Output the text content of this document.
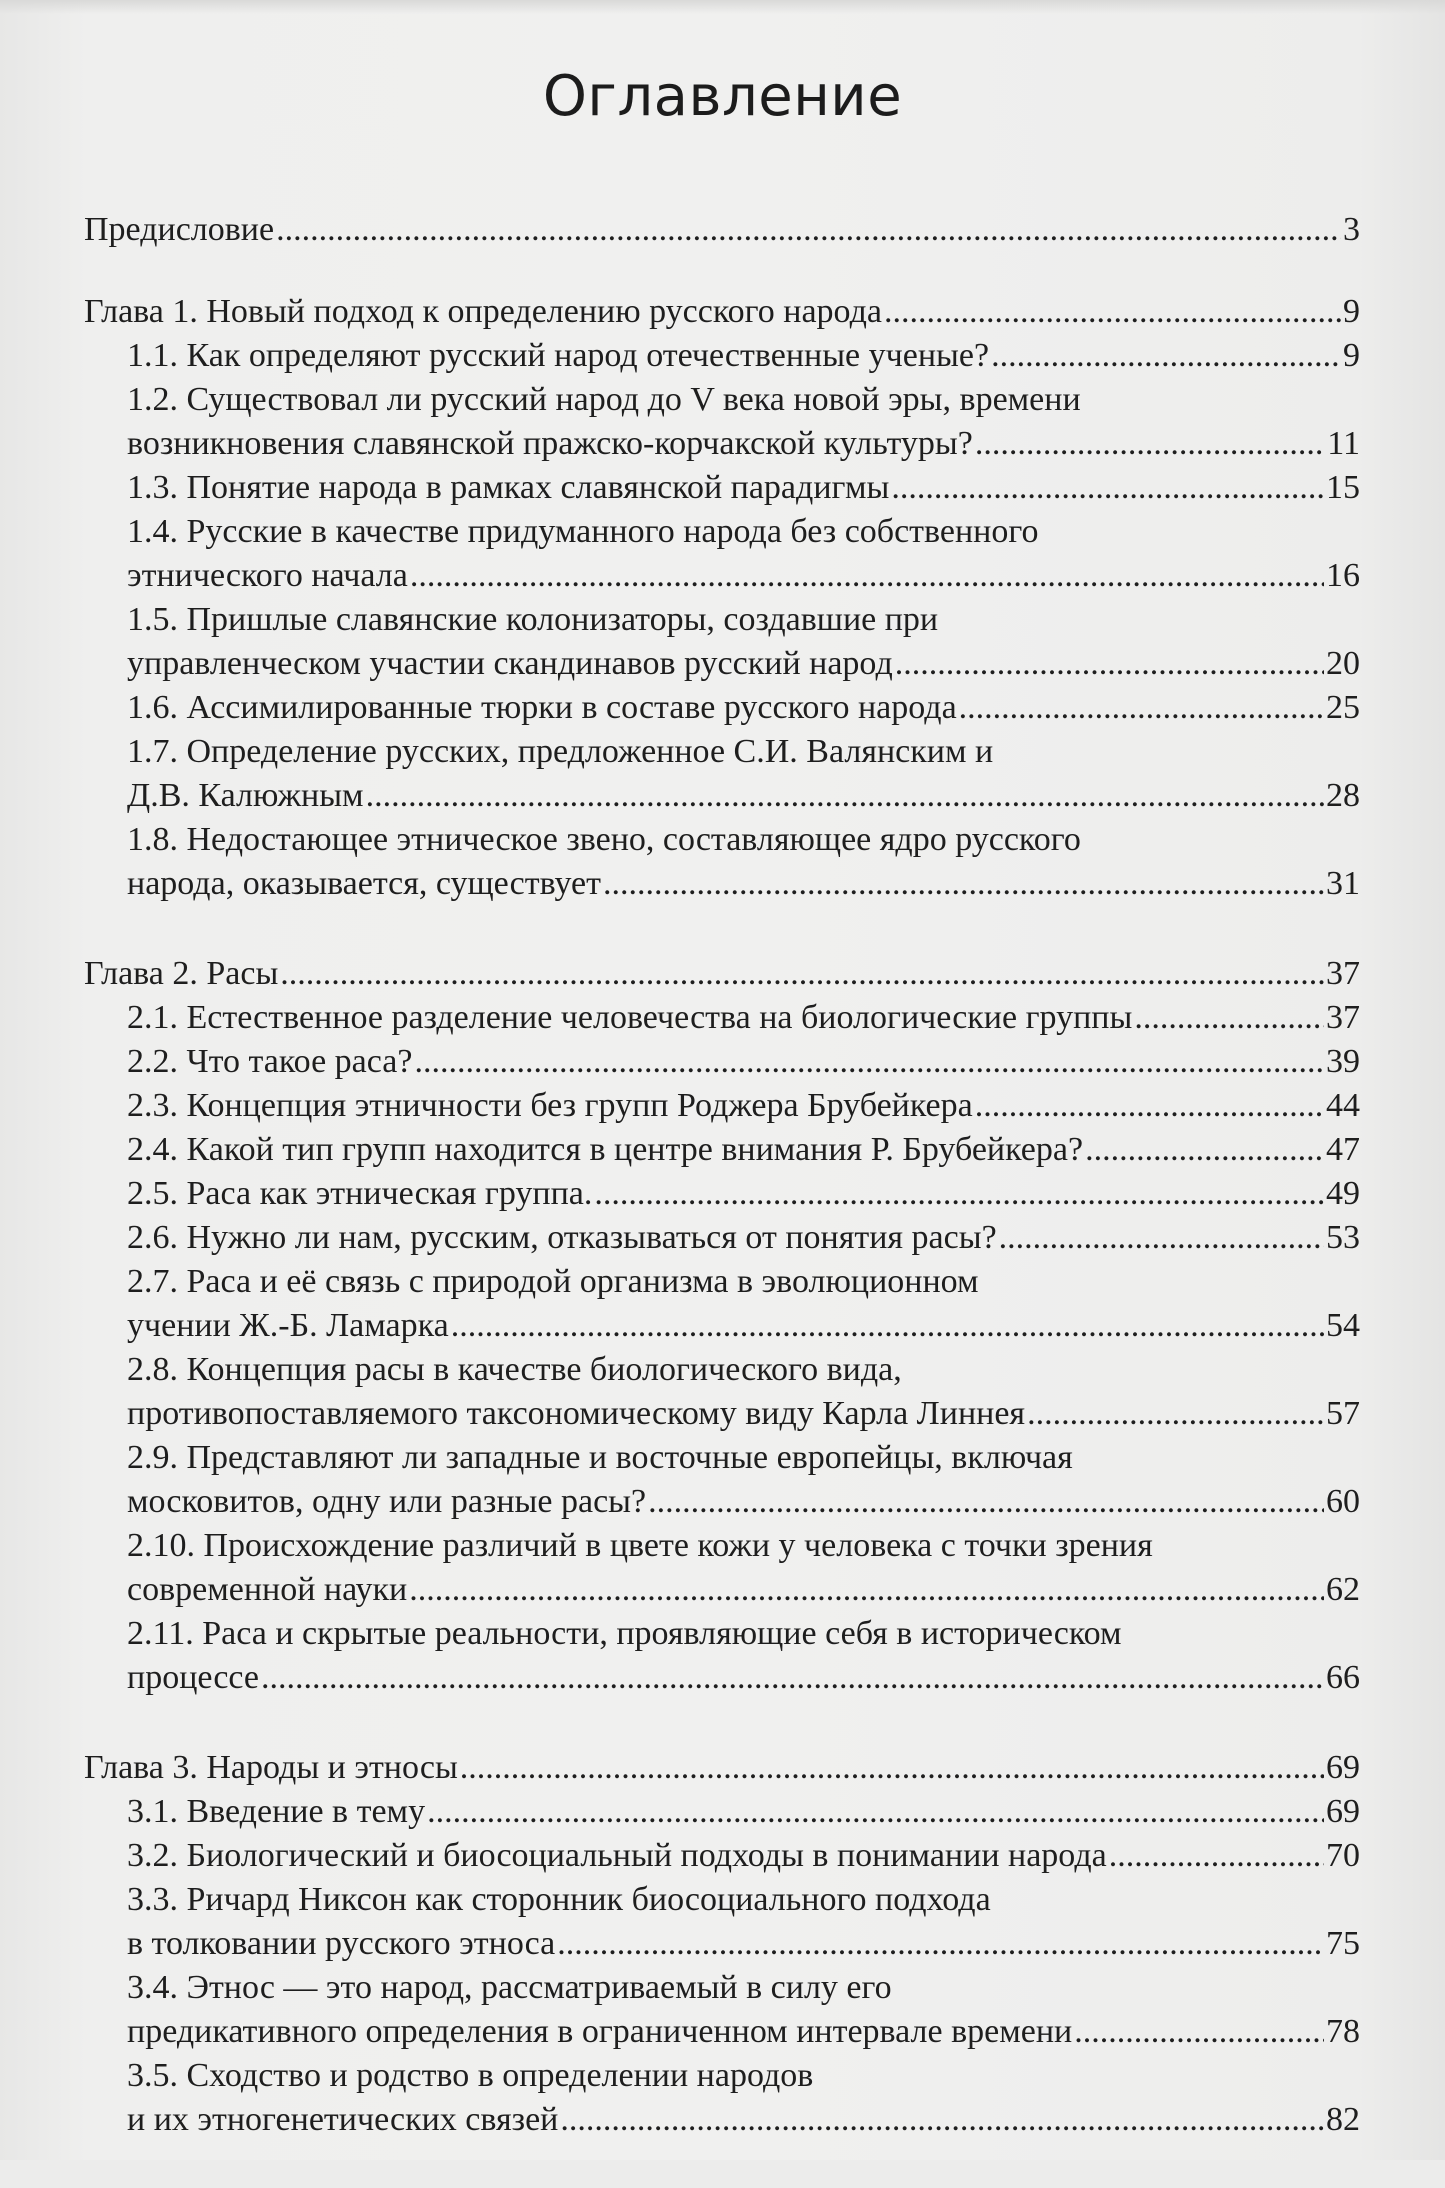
Оглавление
Предисловие .....	3
Глава 1. Новый подход к определению русского народа .....	9
1.1. Как определяют русский народ отечественные ученые? .....	9
1.2. Существовал ли русский народ до V века новой эры, времени
возникновения славянской пражско-корчакской культуры? .....	11
1.3. Понятие народа в рамках славянской парадигмы .....	15
1.4. Русские в качестве придуманного народа без собственного
этнического начала .....	16
1.5. Пришлые славянские колонизаторы, создавшие при
управленческом участии скандинавов русский народ .....	20
1.6. Ассимилированные тюрки в составе русского народа .....	25
1.7. Определение русских, предложенное С.И. Валянским и
Д.В. Калюжным .....	28
1.8. Недостающее этническое звено, составляющее ядро русского
народа, оказывается, существует .....	31
Глава 2. Расы .....	37
2.1. Естественное разделение человечества на биологические группы .....	37
2.2. Что такое раса? .....	39
2.3. Концепция этничности без групп Роджера Брубейкера .....	44
2.4. Какой тип групп находится в центре внимания Р. Брубейкера? .....	47
2.5. Раса как этническая группа. .....	49
2.6. Нужно ли нам, русским, отказываться от понятия расы? .....	53
2.7. Раса и её связь с природой организма в эволюционном
учении Ж.-Б. Ламарка .....	54
2.8. Концепция расы в качестве биологического вида,
противопоставляемого таксономическому виду Карла Линнея .....	57
2.9. Представляют ли западные и восточные европейцы, включая
московитов, одну или разные расы? .....	60
2.10. Происхождение различий в цвете кожи у человека с точки зрения
современной науки .....	62
2.11. Раса и скрытые реальности, проявляющие себя в историческом
процессе .....	66
Глава 3. Народы и этносы .....	69
3.1. Введение в тему .....	69
3.2. Биологический и биосоциальный подходы в понимании народа .....	70
3.3. Ричард Никсон как сторонник биосоциального подхода
в толковании русского этноса .....	75
3.4. Этнос — это народ, рассматриваемый в силу его
предикативного определения в ограниченном интервале времени .....	78
3.5. Сходство и родство в определении народов
и их этногенетических связей .....	82
